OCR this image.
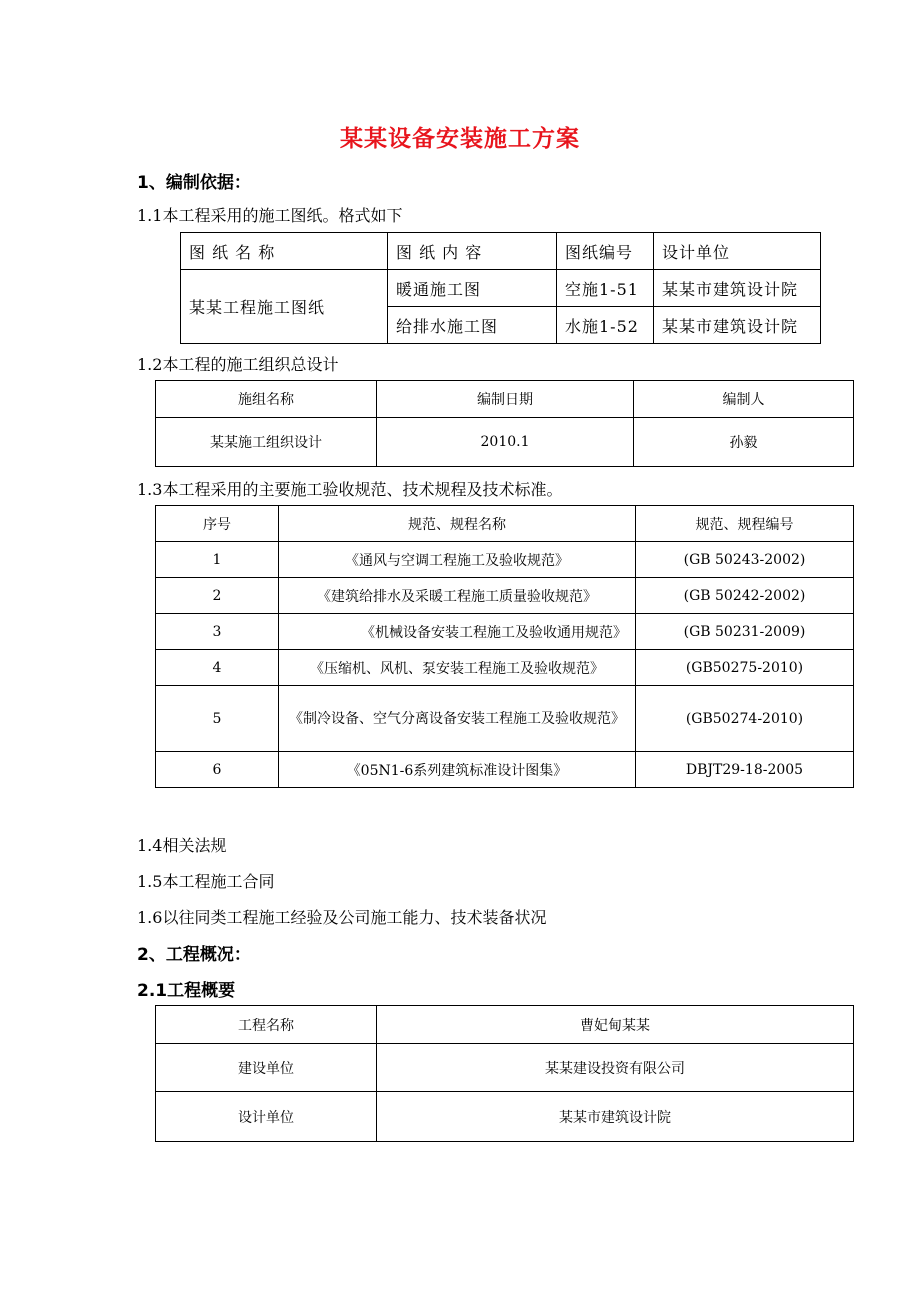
某某设备安装施工方案
1、编制依据：
1.1本工程采用的施工图纸。格式如下
图 纸 名 称	图 纸 内 容	图纸编号	设计单位
某某工程施工图纸	暖通施工图	空施1-51	某某市建筑设计院
	给排水施工图	水施1-52	某某市建筑设计院
1.2本工程的施工组织总设计
施组名称	编制日期	编制人
某某施工组织设计	2010.1	孙毅
1.3本工程采用的主要施工验收规范、技术规程及技术标准。
序号	规范、规程名称	规范、规程编号
1	《通风与空调工程施工及验收规范》	(GB 50243-2002)
2	《建筑给排水及采暖工程施工质量验收规范》	(GB 50242-2002)
3	《机械设备安装工程施工及验收通用规范》	(GB 50231-2009)
4	《压缩机、风机、泵安装工程施工及验收规范》	(GB50275-2010)
5	《制冷设备、空气分离设备安装工程施工及验收规范》	(GB50274-2010)
6	《05N1-6系列建筑标准设计图集》	DBJT29-18-2005
1.4相关法规
1.5本工程施工合同
1.6以往同类工程施工经验及公司施工能力、技术装备状况
2、工程概况：
2.1工程概要
工程名称	曹妃甸某某
建设单位	某某建设投资有限公司
设计单位	某某市建筑设计院
